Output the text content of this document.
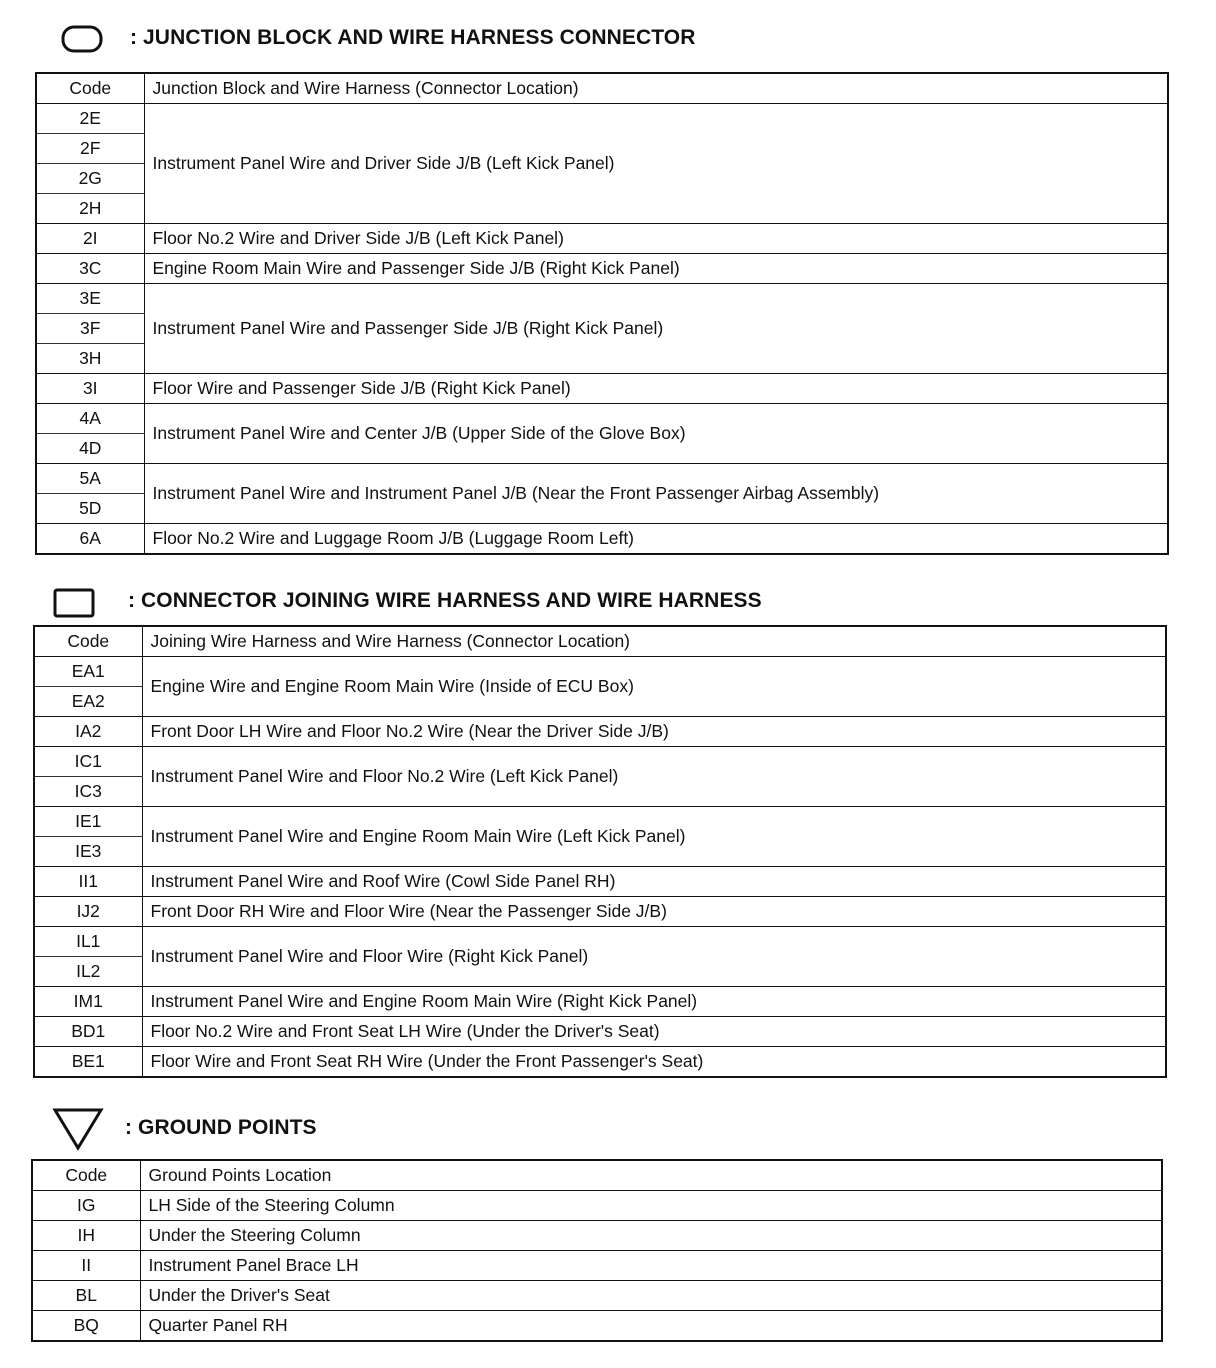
: JUNCTION BLOCK AND WIRE HARNESS CONNECTOR
Code	Junction Block and Wire Harness (Connector Location)
2E	Instrument Panel Wire and Driver Side J/B (Left Kick Panel)
2F	
2G	
2H	
2I	Floor No.2 Wire and Driver Side J/B (Left Kick Panel)
3C	Engine Room Main Wire and Passenger Side J/B (Right Kick Panel)
3E	Instrument Panel Wire and Passenger Side J/B (Right Kick Panel)
3F	
3H	
3I	Floor Wire and Passenger Side J/B (Right Kick Panel)
4A	Instrument Panel Wire and Center J/B (Upper Side of the Glove Box)
4D	
5A	Instrument Panel Wire and Instrument Panel J/B (Near the Front Passenger Airbag Assembly)
5D	
6A	Floor No.2 Wire and Luggage Room J/B (Luggage Room Left)
: CONNECTOR JOINING WIRE HARNESS AND WIRE HARNESS
Code	Joining Wire Harness and Wire Harness (Connector Location)
EA1	Engine Wire and Engine Room Main Wire (Inside of ECU Box)
EA2	
IA2	Front Door LH Wire and Floor No.2 Wire (Near the Driver Side J/B)
IC1	Instrument Panel Wire and Floor No.2 Wire (Left Kick Panel)
IC3	
IE1	Instrument Panel Wire and Engine Room Main Wire (Left Kick Panel)
IE3	
II1	Instrument Panel Wire and Roof Wire (Cowl Side Panel RH)
IJ2	Front Door RH Wire and Floor Wire (Near the Passenger Side J/B)
IL1	Instrument Panel Wire and Floor Wire (Right Kick Panel)
IL2	
IM1	Instrument Panel Wire and Engine Room Main Wire (Right Kick Panel)
BD1	Floor No.2 Wire and Front Seat LH Wire (Under the Driver's Seat)
BE1	Floor Wire and Front Seat RH Wire (Under the Front Passenger's Seat)
: GROUND POINTS
Code	Ground Points Location
IG	LH Side of the Steering Column
IH	Under the Steering Column
II	Instrument Panel Brace LH
BL	Under the Driver's Seat
BQ	Quarter Panel RH
